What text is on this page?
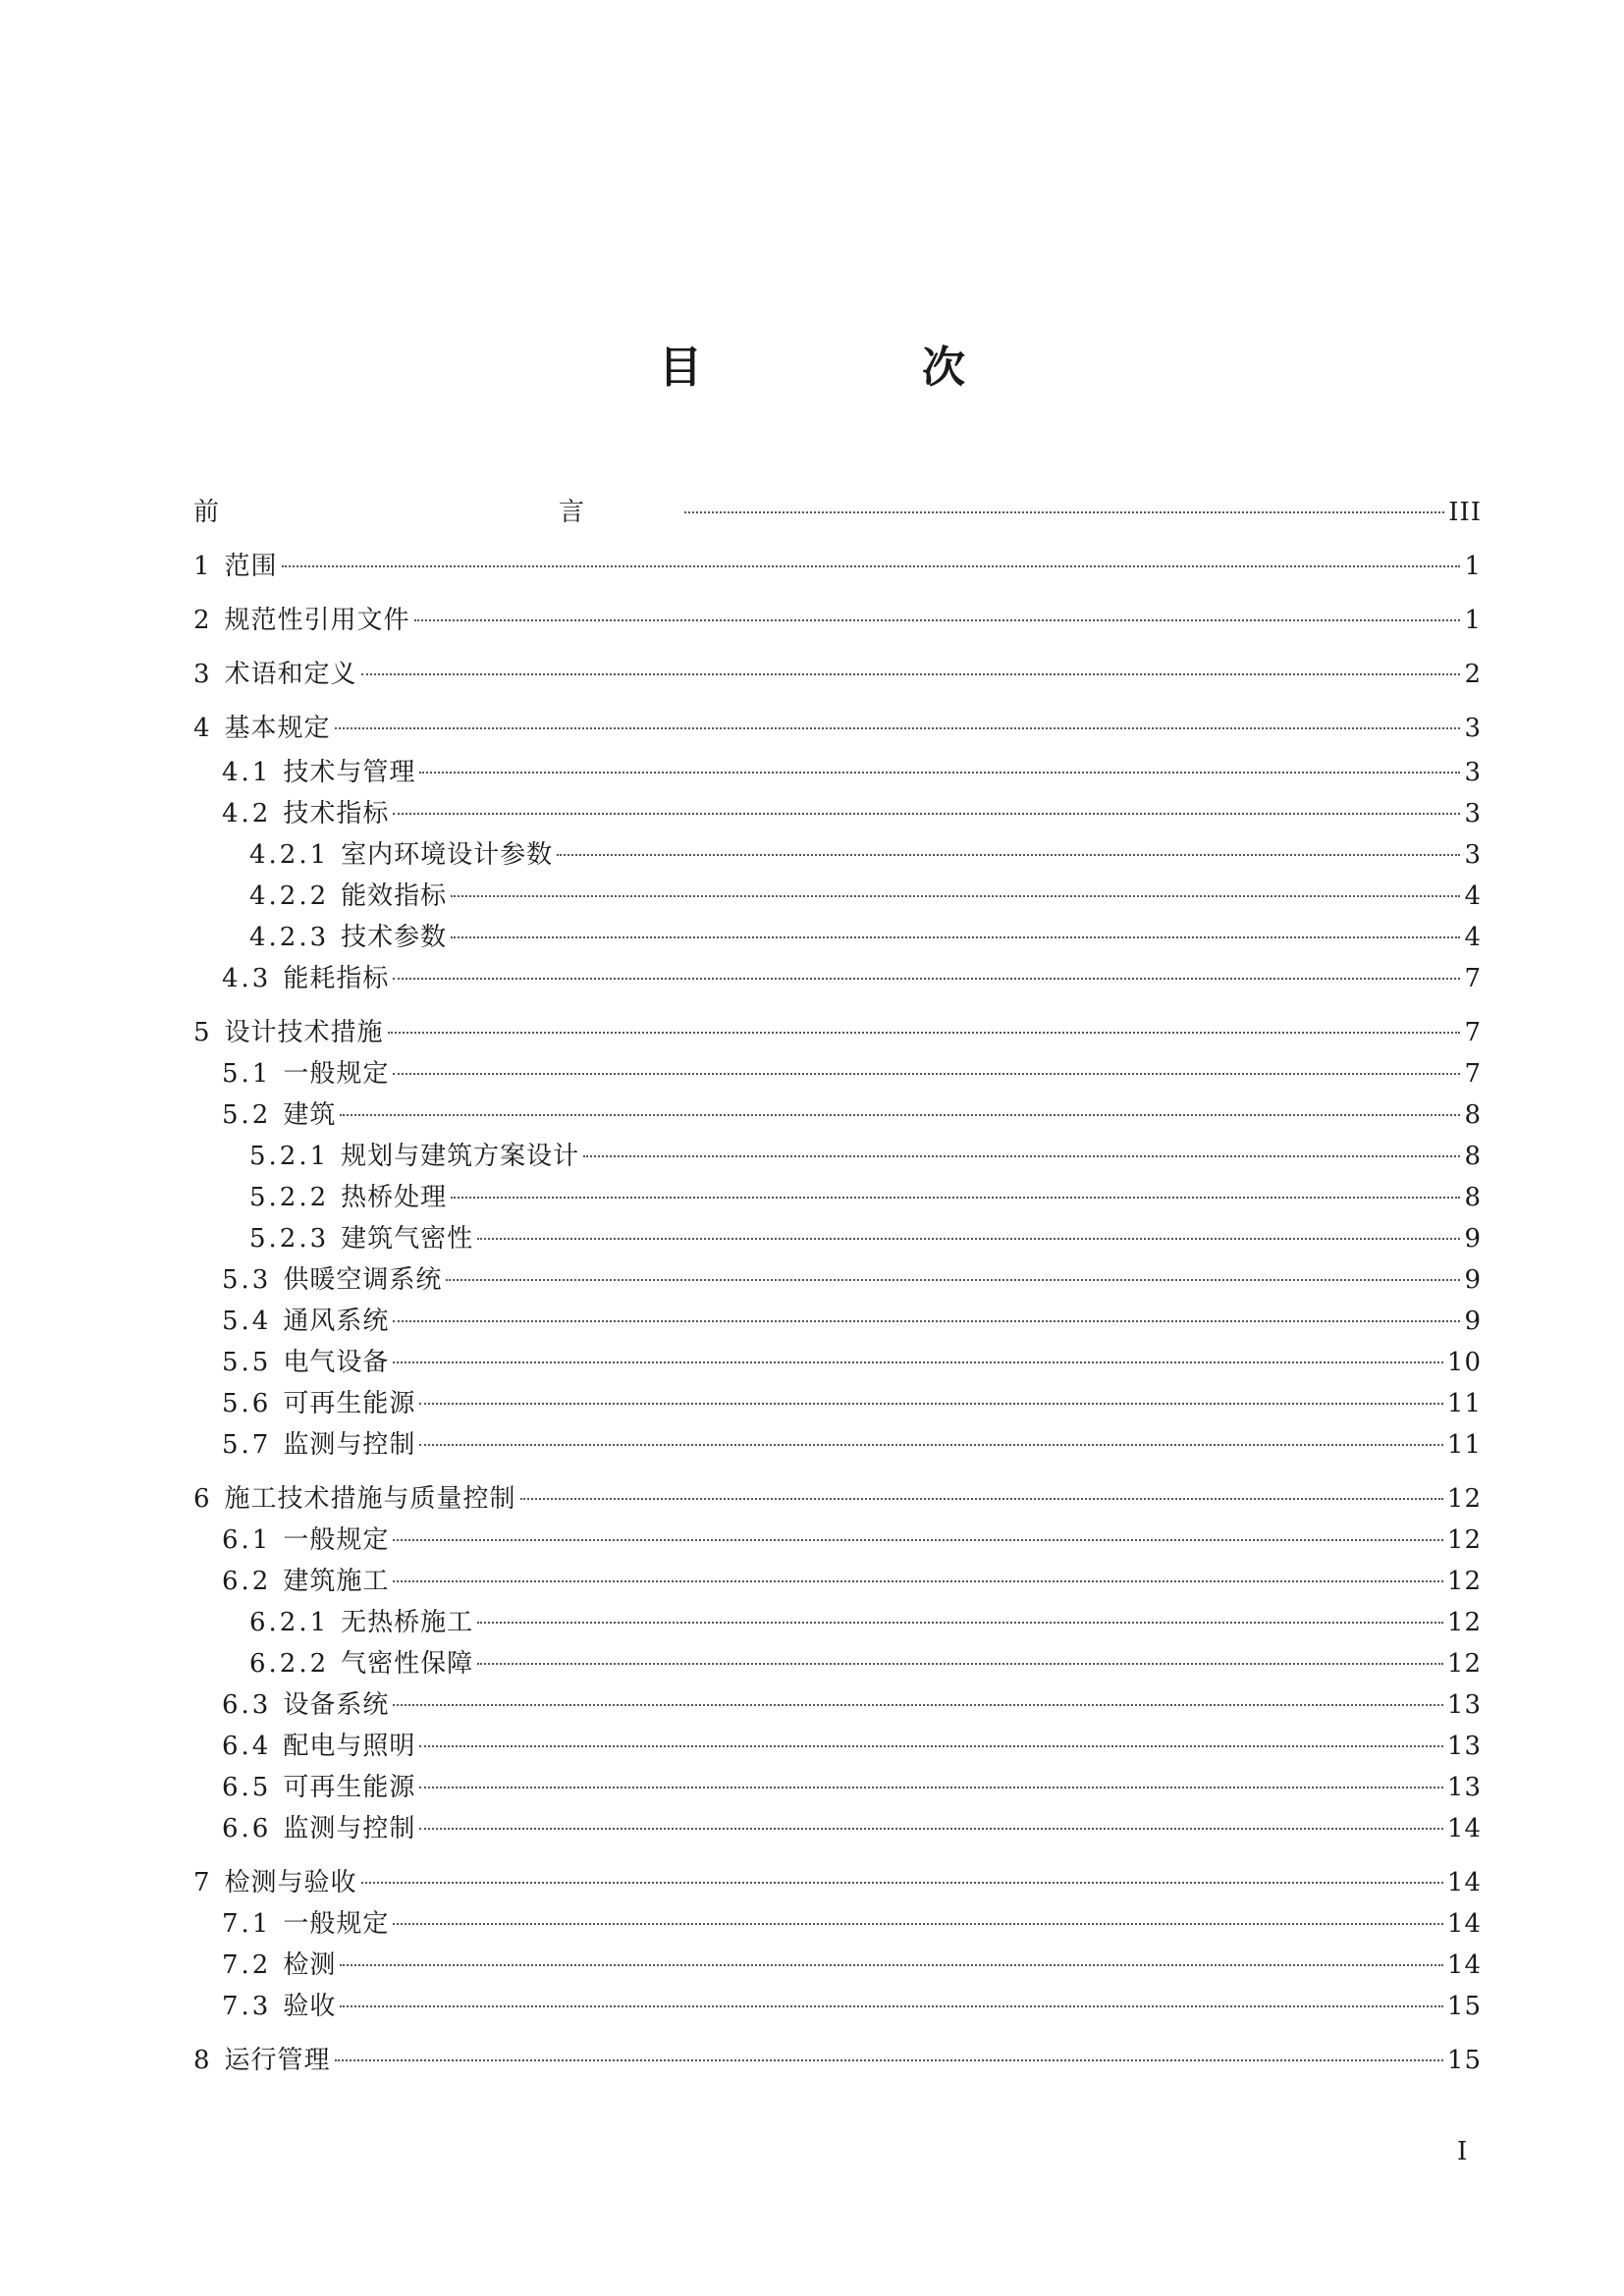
目　次
前　　言	III
1 范围	1
2 规范性引用文件	1
3 术语和定义	2
4 基本规定	3
4.1 技术与管理	3
4.2 技术指标	3
4.2.1 室内环境设计参数	3
4.2.2 能效指标	4
4.2.3 技术参数	4
4.3 能耗指标	7
5 设计技术措施	7
5.1 一般规定	7
5.2 建筑	8
5.2.1 规划与建筑方案设计	8
5.2.2 热桥处理	8
5.2.3 建筑气密性	9
5.3 供暖空调系统	9
5.4 通风系统	9
5.5 电气设备	10
5.6 可再生能源	11
5.7 监测与控制	11
6 施工技术措施与质量控制	12
6.1 一般规定	12
6.2 建筑施工	12
6.2.1 无热桥施工	12
6.2.2 气密性保障	12
6.3 设备系统	13
6.4 配电与照明	13
6.5 可再生能源	13
6.6 监测与控制	14
7 检测与验收	14
7.1 一般规定	14
7.2 检测	14
7.3 验收	15
8 运行管理	15
I
